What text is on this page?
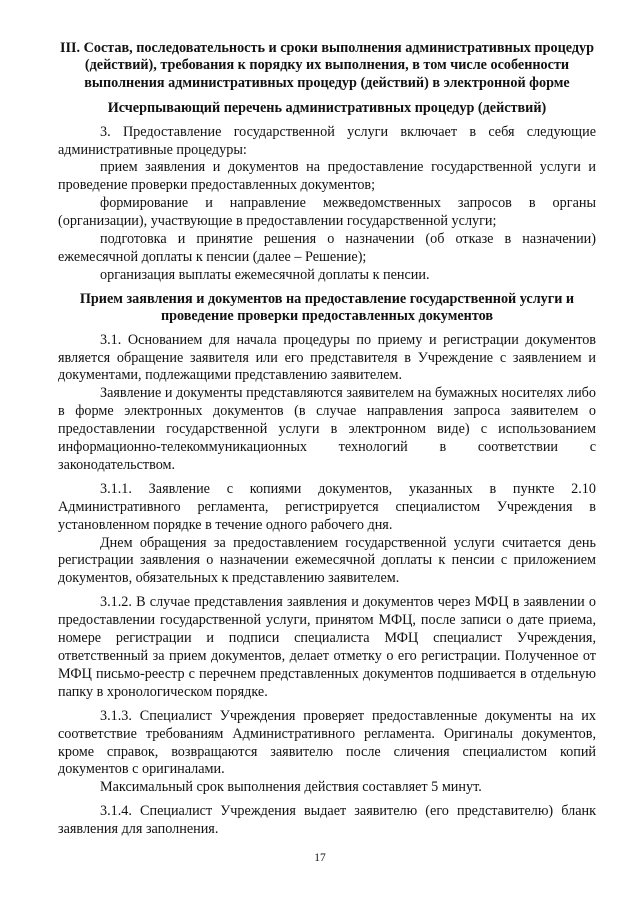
III. Состав, последовательность и сроки выполнения административных процедур (действий), требования к порядку их выполнения, в том числе особенности выполнения административных процедур (действий) в электронной форме
Исчерпывающий перечень административных процедур (действий)

3. Предоставление государственной услуги включает в себя следующие административные процедуры:

прием заявления и документов на предоставление государственной услуги и проведение проверки предоставленных документов;

формирование и направление межведомственных запросов в органы (организации), участвующие в предоставлении государственной услуги;

подготовка и принятие решения о назначении (об отказе в назначении) ежемесячной доплаты к пенсии (далее – Решение);

организация выплаты ежемесячной доплаты к пенсии.

Прием заявления и документов на предоставление государственной услуги и проведение проверки предоставленных документов

3.1. Основанием для начала процедуры по приему и регистрации документов является обращение заявителя или его представителя в Учреждение с заявлением и документами, подлежащими представлению заявителем.

Заявление и документы представляются заявителем на бумажных носителях либо в форме электронных документов (в случае направления запроса заявителем о предоставлении государственной услуги в электронном виде) с использованием информационно-телекоммуникационных технологий в соответствии с законодательством.

3.1.1. Заявление с копиями документов, указанных в пункте 2.10 Административного регламента, регистрируется специалистом Учреждения в установленном порядке в течение одного рабочего дня.

Днем обращения за предоставлением государственной услуги считается день регистрации заявления о назначении ежемесячной доплаты к пенсии с приложением документов, обязательных к представлению заявителем.

3.1.2. В случае представления заявления и документов через МФЦ в заявлении о предоставлении государственной услуги, принятом МФЦ, после записи о дате приема, номере регистрации и подписи специалиста МФЦ специалист Учреждения, ответственный за прием документов, делает отметку о его регистрации. Полученное от МФЦ письмо-реестр с перечнем представленных документов подшивается в отдельную папку в хронологическом порядке.

3.1.3. Специалист Учреждения проверяет предоставленные документы на их соответствие требованиям Административного регламента. Оригиналы документов, кроме справок, возвращаются заявителю после сличения специалистом копий документов с оригиналами.

Максимальный срок выполнения действия составляет 5 минут.

3.1.4. Специалист Учреждения выдает заявителю (его представителю) бланк заявления для заполнения.

17
